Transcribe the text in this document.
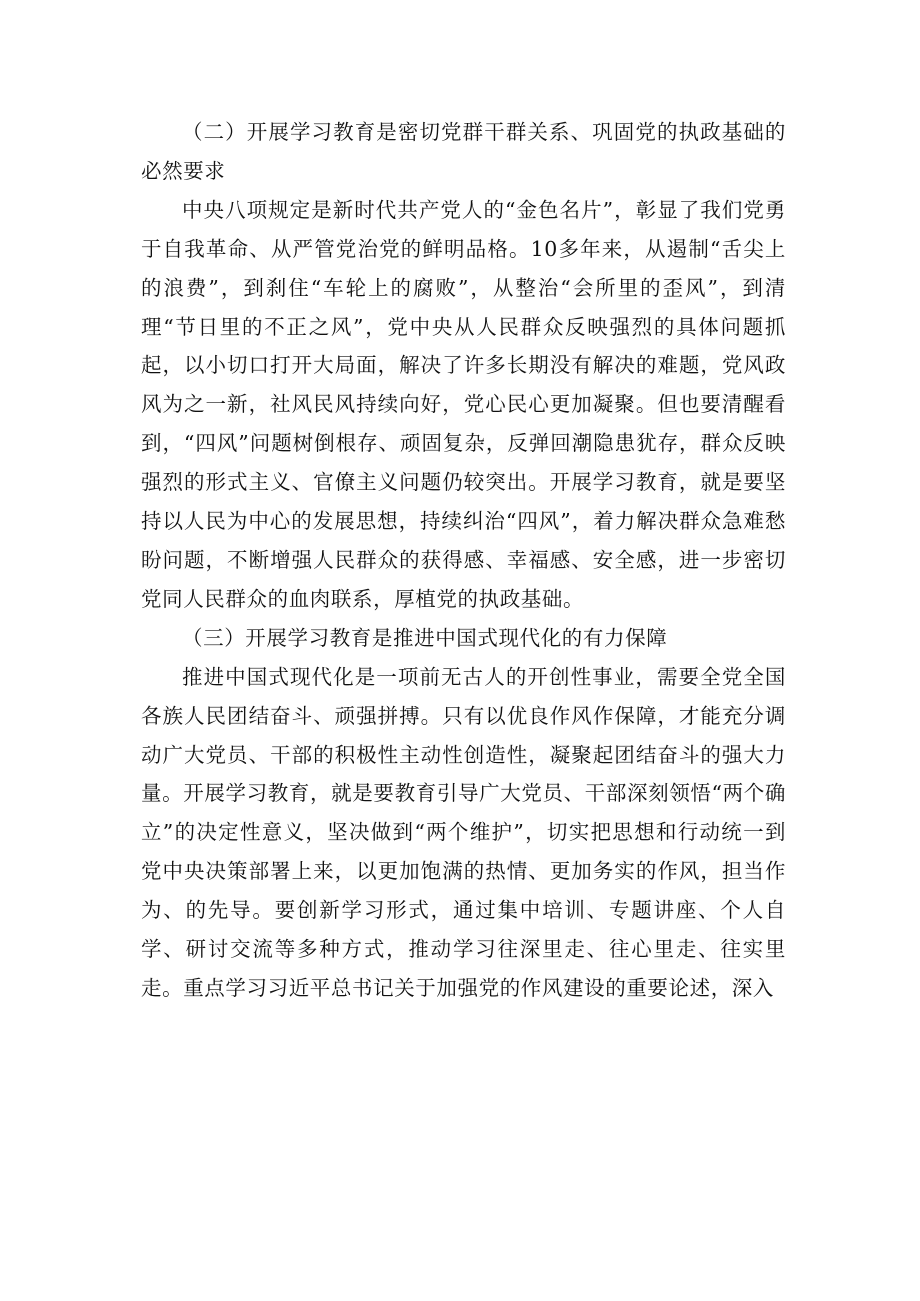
（二）开展学习教育是密切党群干群关系、巩固党的执政基础的必然要求

中央八项规定是新时代共产党人的“金色名片”，彰显了我们党勇于自我革命、从严管党治党的鲜明品格。10多年来，从遏制“舌尖上的浪费”，到刹住“车轮上的腐败”，从整治“会所里的歪风”，到清理“节日里的不正之风”，党中央从人民群众反映强烈的具体问题抓起，以小切口打开大局面，解决了许多长期没有解决的难题，党风政风为之一新，社风民风持续向好，党心民心更加凝聚。但也要清醒看到，“四风”问题树倒根存、顽固复杂，反弹回潮隐患犹存，群众反映强烈的形式主义、官僚主义问题仍较突出。开展学习教育，就是要坚持以人民为中心的发展思想，持续纠治“四风”，着力解决群众急难愁盼问题，不断增强人民群众的获得感、幸福感、安全感，进一步密切党同人民群众的血肉联系，厚植党的执政基础。

（三）开展学习教育是推进中国式现代化的有力保障

推进中国式现代化是一项前无古人的开创性事业，需要全党全国各族人民团结奋斗、顽强拼搏。只有以优良作风作保障，才能充分调动广大党员、干部的积极性主动性创造性，凝聚起团结奋斗的强大力量。开展学习教育，就是要教育引导广大党员、干部深刻领悟“两个确立”的决定性意义，坚决做到“两个维护”，切实把思想和行动统一到党中央决策部署上来，以更加饱满的热情、更加务实的作风，担当作为、的先导。要创新学习形式，通过集中培训、专题讲座、个人自学、研讨交流等多种方式，推动学习往深里走、往心里走、往实里走。重点学习习近平总书记关于加强党的作风建设的重要论述，深入
